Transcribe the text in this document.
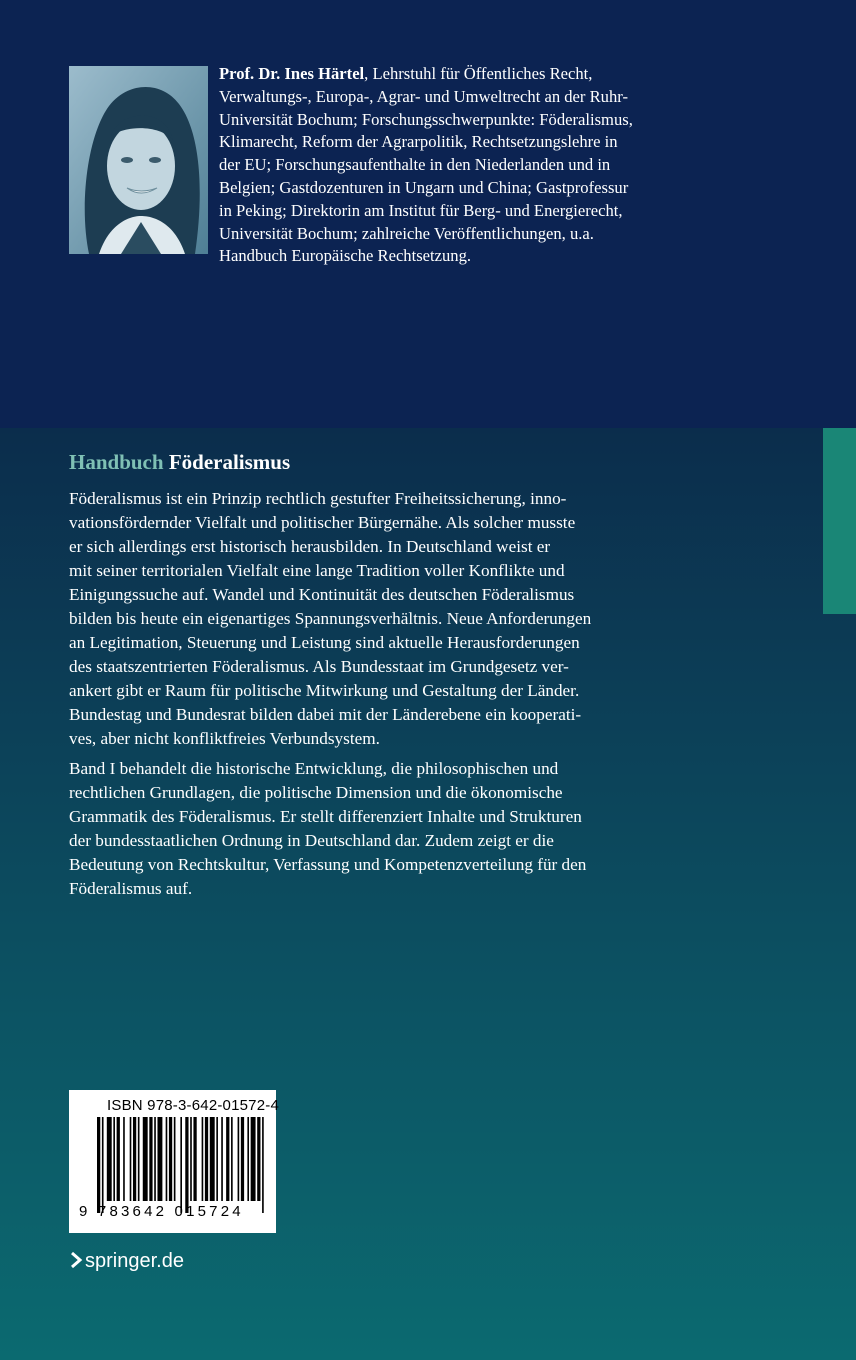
Prof. Dr. Ines Härtel, Lehrstuhl für Öffentliches Recht,
Verwaltungs-, Europa-, Agrar- und Umweltrecht an der Ruhr-
Universität Bochum; Forschungsschwerpunkte: Föderalismus,
Klimarecht, Reform der Agrarpolitik, Rechtsetzungslehre in
der EU; Forschungsaufenthalte in den Niederlanden und in
Belgien; Gastdozenturen in Ungarn und China; Gastprofessur
in Peking; Direktorin am Institut für Berg- und Energierecht,
Universität Bochum; zahlreiche Veröffentlichungen, u.a.
Handbuch Europäische Rechtsetzung.
Handbuch Föderalismus
Föderalismus ist ein Prinzip rechtlich gestufter Freiheitssicherung, inno-
vationsfördernder Vielfalt und politischer Bürgernähe. Als solcher musste
er sich allerdings erst historisch herausbilden. In Deutschland weist er
mit seiner territorialen Vielfalt eine lange Tradition voller Konflikte und
Einigungssuche auf. Wandel und Kontinuität des deutschen Föderalismus
bilden bis heute ein eigenartiges Spannungsverhältnis. Neue Anforderungen
an Legitimation, Steuerung und Leistung sind aktuelle Herausforderungen
des staatszentrierten Föderalismus. Als Bundesstaat im Grundgesetz ver-
ankert gibt er Raum für politische Mitwirkung und Gestaltung der Länder.
Bundestag und Bundesrat bilden dabei mit der Länderebene ein kooperati-
ves, aber nicht konfliktfreies Verbundsystem.
Band I behandelt die historische Entwicklung, die philosophischen und
rechtlichen Grundlagen, die politische Dimension und die ökonomische
Grammatik des Föderalismus. Er stellt differenziert Inhalte und Strukturen
der bundesstaatlichen Ordnung in Deutschland dar. Zudem zeigt er die
Bedeutung von Rechtskultur, Verfassung und Kompetenzverteilung für den
Föderalismus auf.
ISBN 978-3-642-01572-4
9 783642 015724
springer.de
